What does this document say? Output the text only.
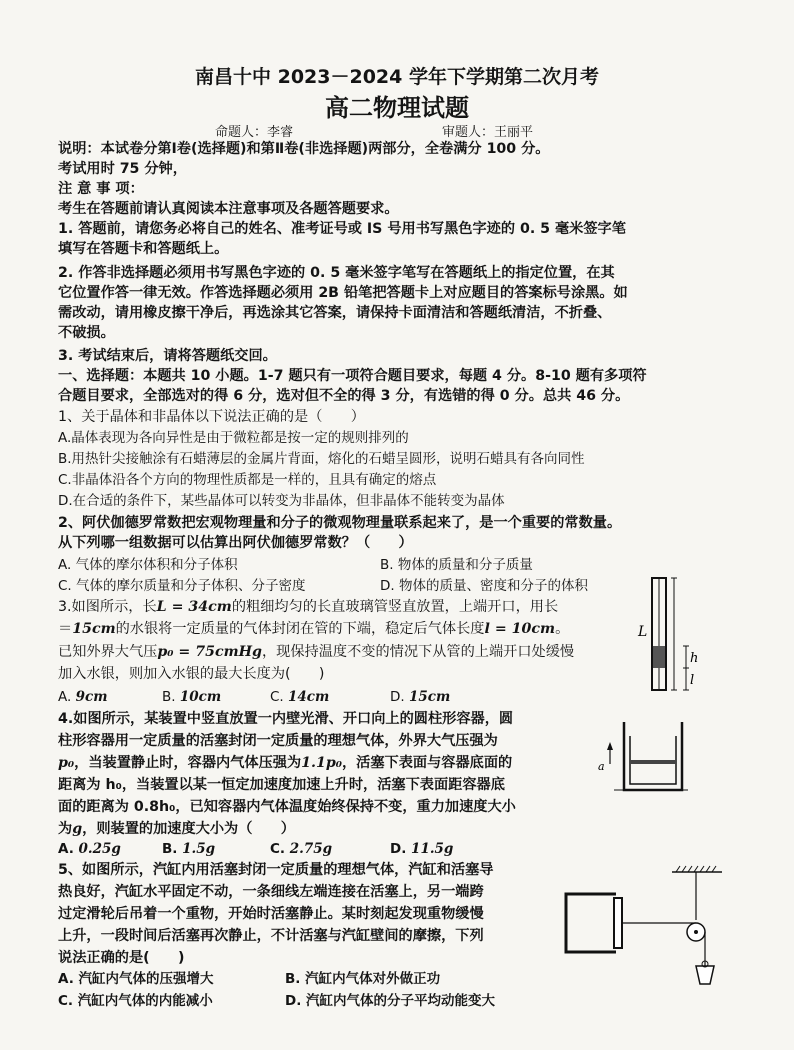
南昌十中 2023－2024 学年下学期第二次月考
高二物理试题
命题人：李睿	审题人：王丽平
说明：本试卷分第Ⅰ卷(选择题)和第Ⅱ卷(非选择题)两部分，全卷满分 100 分。
考试用时 75 分钟，
注 意 事 项：
考生在答题前请认真阅读本注意事项及各题答题要求。
1. 答题前，请您务必将自己的姓名、准考证号或 IS 号用书写黑色字迹的 0. 5 毫米签字笔
填写在答题卡和答题纸上。
2. 作答非选择题必须用书写黑色字迹的 0. 5 毫米签字笔写在答题纸上的指定位置，在其
它位置作答一律无效。作答选择题必须用 2B 铅笔把答题卡上对应题目的答案标号涂黑。如
需改动，请用橡皮擦干净后，再选涂其它答案，请保持卡面清洁和答题纸清洁，不折叠、
不破损。
3. 考试结束后，请将答题纸交回。
一、选择题：本题共 10 小题。1-7 题只有一项符合题目要求，每题 4 分。8-10 题有多项符
合题目要求，全部选对的得 6 分，选对但不全的得 3 分，有选错的得 0 分。总共 46 分。
1、关于晶体和非晶体以下说法正确的是（　　）
A.晶体表现为各向异性是由于微粒都是按一定的规则排列的
B.用热针尖接触涂有石蜡薄层的金属片背面，熔化的石蜡呈圆形，说明石蜡具有各向同性
C.非晶体沿各个方向的物理性质都是一样的，且具有确定的熔点
D.在合适的条件下，某些晶体可以转变为非晶体，但非晶体不能转变为晶体
2、阿伏伽德罗常数把宏观物理量和分子的微观物理量联系起来了，是一个重要的常数量。
从下列哪一组数据可以估算出阿伏伽德罗常数？（　　）
A. 气体的摩尔体积和分子体积	B. 物体的质量和分子质量
C. 气体的摩尔质量和分子体积、分子密度	D. 物体的质量、密度和分子的体积
3.如图所示，长L = 34cm的粗细均匀的长直玻璃管竖直放置，上端开口，用长
＝15cm的水银将一定质量的气体封闭在管的下端，稳定后气体长度l = 10cm。
已知外界大气压p₀ = 75cmHg，现保持温度不变的情况下从管的上端开口处缓慢
加入水银，则加入水银的最大长度为(　　)
A. 9cm	B. 10cm	C. 14cm	D. 15cm
L
h
l
4.如图所示，某装置中竖直放置一内壁光滑、开口向上的圆柱形容器，圆
柱形容器用一定质量的活塞封闭一定质量的理想气体，外界大气压强为
p₀，当装置静止时，容器内气体压强为1.1p₀，活塞下表面与容器底面的
距离为 h₀，当装置以某一恒定加速度加速上升时，活塞下表面距容器底
面的距离为 0.8h₀，已知容器内气体温度始终保持不变，重力加速度大小
为g，则装置的加速度大小为（　　）
A. 0.25g	B. 1.5g	C. 2.75g	D. 11.5g
a
5、如图所示，汽缸内用活塞封闭一定质量的理想气体，汽缸和活塞导
热良好，汽缸水平固定不动，一条细线左端连接在活塞上，另一端跨
过定滑轮后吊着一个重物，开始时活塞静止。某时刻起发现重物缓慢
上升，一段时间后活塞再次静止，不计活塞与汽缸壁间的摩擦，下列
说法正确的是(　　)
A. 汽缸内气体的压强增大	B. 汽缸内气体对外做正功
C. 汽缸内气体的内能减小	D. 汽缸内气体的分子平均动能变大
